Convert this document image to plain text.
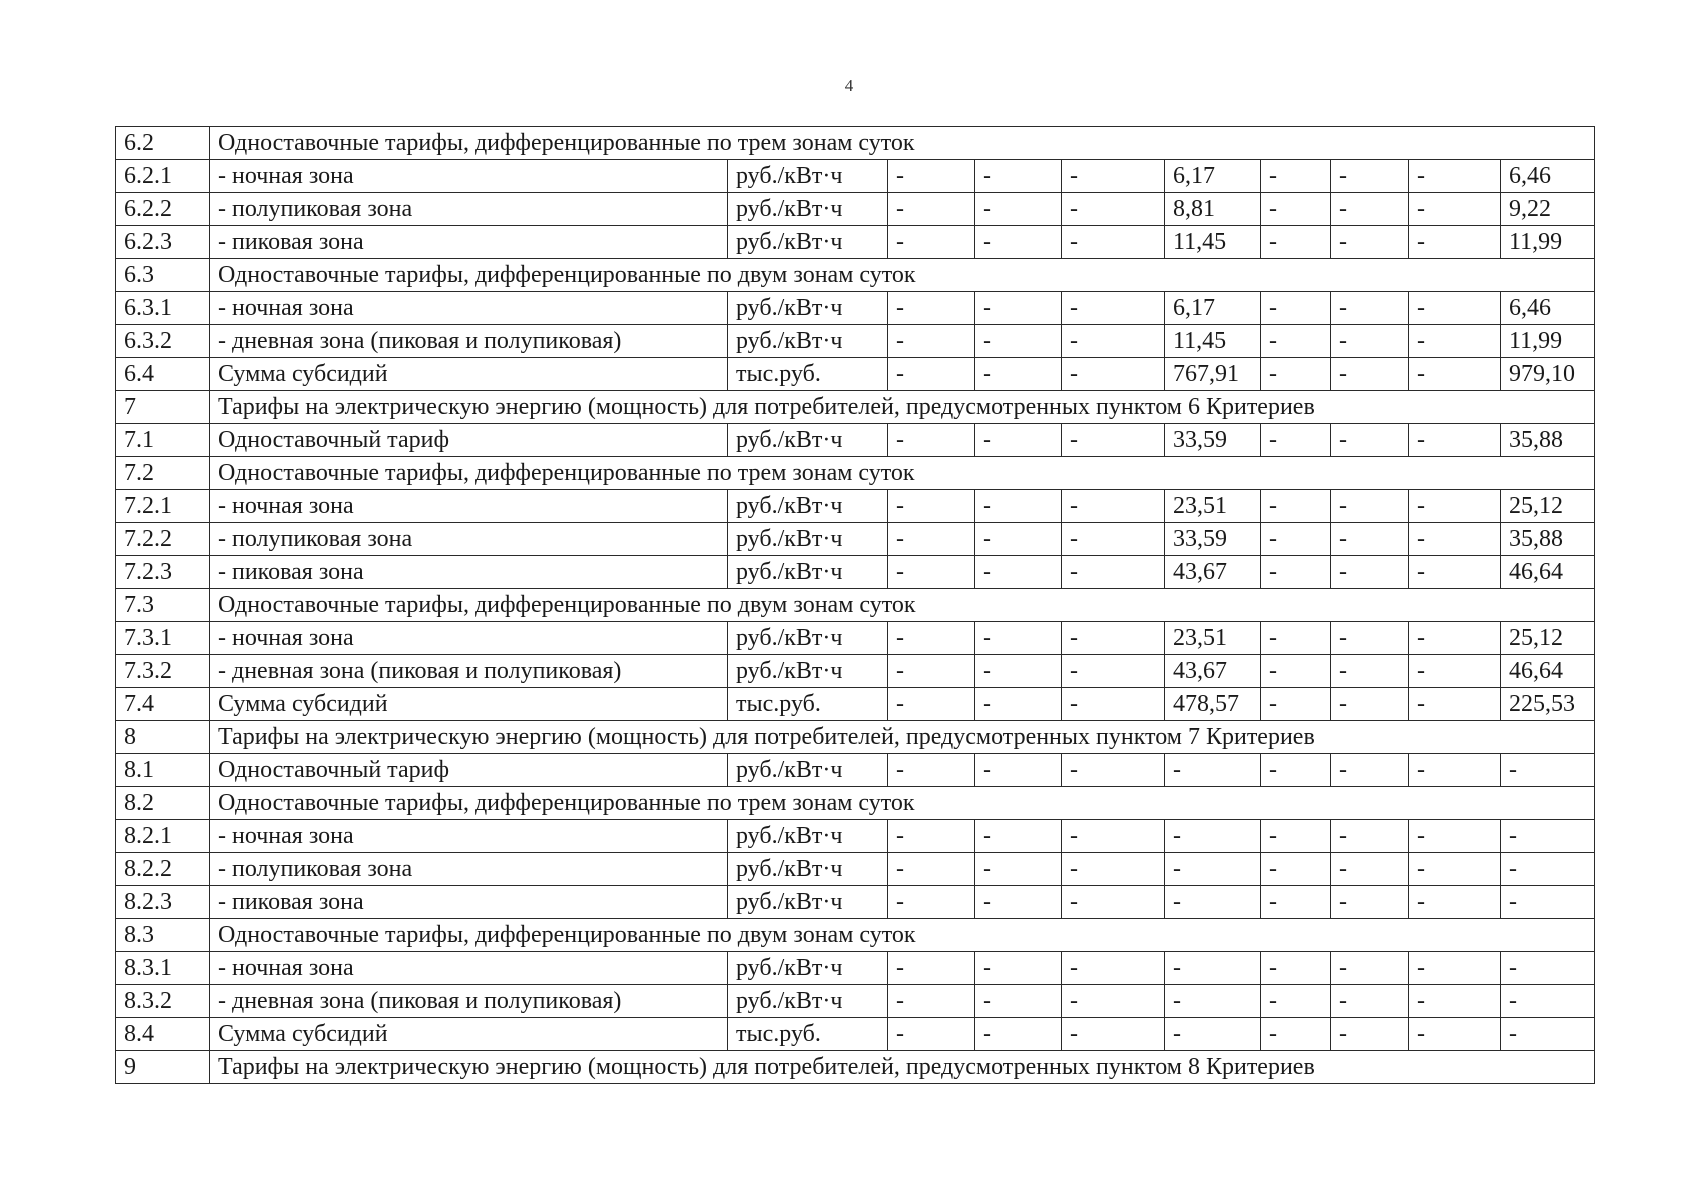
4
6.2	Одноставочные тарифы, дифференцированные по трем зонам суток									
6.2.1	- ночная зона	руб./кВт·ч	-	-	-	6,17	-	-	-	6,46
6.2.2	- полупиковая зона	руб./кВт·ч	-	-	-	8,81	-	-	-	9,22
6.2.3	- пиковая зона	руб./кВт·ч	-	-	-	11,45	-	-	-	11,99
6.3	Одноставочные тарифы, дифференцированные по двум зонам суток									
6.3.1	- ночная зона	руб./кВт·ч	-	-	-	6,17	-	-	-	6,46
6.3.2	- дневная зона (пиковая и полупиковая)	руб./кВт·ч	-	-	-	11,45	-	-	-	11,99
6.4	Сумма субсидий	тыс.руб.	-	-	-	767,91	-	-	-	979,10
7	Тарифы на электрическую энергию (мощность) для потребителей, предусмотренных пунктом 6 Критериев									
7.1	Одноставочный тариф	руб./кВт·ч	-	-	-	33,59	-	-	-	35,88
7.2	Одноставочные тарифы, дифференцированные по трем зонам суток									
7.2.1	- ночная зона	руб./кВт·ч	-	-	-	23,51	-	-	-	25,12
7.2.2	- полупиковая зона	руб./кВт·ч	-	-	-	33,59	-	-	-	35,88
7.2.3	- пиковая зона	руб./кВт·ч	-	-	-	43,67	-	-	-	46,64
7.3	Одноставочные тарифы, дифференцированные по двум зонам суток									
7.3.1	- ночная зона	руб./кВт·ч	-	-	-	23,51	-	-	-	25,12
7.3.2	- дневная зона (пиковая и полупиковая)	руб./кВт·ч	-	-	-	43,67	-	-	-	46,64
7.4	Сумма субсидий	тыс.руб.	-	-	-	478,57	-	-	-	225,53
8	Тарифы на электрическую энергию (мощность) для потребителей, предусмотренных пунктом 7 Критериев									
8.1	Одноставочный тариф	руб./кВт·ч	-	-	-	-	-	-	-	-
8.2	Одноставочные тарифы, дифференцированные по трем зонам суток									
8.2.1	- ночная зона	руб./кВт·ч	-	-	-	-	-	-	-	-
8.2.2	- полупиковая зона	руб./кВт·ч	-	-	-	-	-	-	-	-
8.2.3	- пиковая зона	руб./кВт·ч	-	-	-	-	-	-	-	-
8.3	Одноставочные тарифы, дифференцированные по двум зонам суток									
8.3.1	- ночная зона	руб./кВт·ч	-	-	-	-	-	-	-	-
8.3.2	- дневная зона (пиковая и полупиковая)	руб./кВт·ч	-	-	-	-	-	-	-	-
8.4	Сумма субсидий	тыс.руб.	-	-	-	-	-	-	-	-
9	Тарифы на электрическую энергию (мощность) для потребителей, предусмотренных пунктом 8 Критериев									
